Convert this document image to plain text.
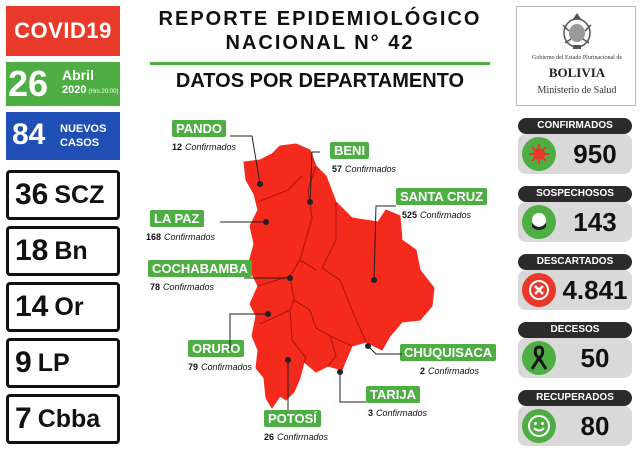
COVID19
26 Abril
2020 (Hrs.20:00)
84 NUEVOS
CASOS
36 SCZ
18 Bn
14 Or
9 LP
7 Cbba
REPORTE EPIDEMIOLÓGICO
NACIONAL N° 42
DATOS POR DEPARTAMENTO
Gobierno del Estado Plurinacional de
BOLIVIA
Ministerio de Salud
PANDO
12 Confirmados	BENI
57 Confirmados
SANTA CRUZ
525 Confirmados
LA PAZ
168 Confirmados
COCHABAMBA
78 Confirmados
ORURO
79 Confirmados
CHUQUISACA
2 Confirmados
TARIJA
3 Confirmados
POTOSÍ
26 Confirmados
CONFIRMADOS
950
SOSPECHOSOS
143
DESCARTADOS
4.841
DECESOS
50
RECUPERADOS
80
